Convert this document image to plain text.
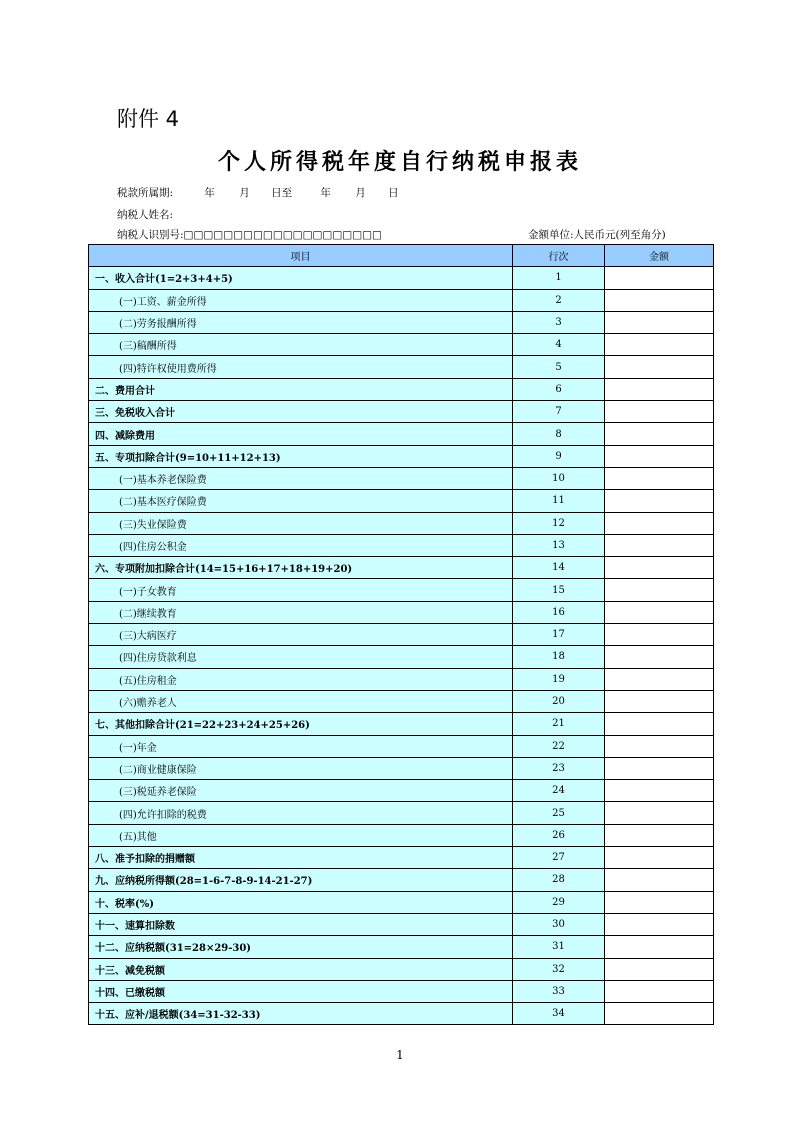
附件 4
个人所得税年度自行纳税申报表
税款所属期:	年 月 日至	年 月 日
纳税人姓名:
纳税人识别号:□□□□□□□□□□□□□□□□□□□□	金额单位:人民币元(列至角分)
项目	行次	金额
一、收入合计(1=2+3+4+5)	1	
(一)工资、薪金所得	2	
(二)劳务报酬所得	3	
(三)稿酬所得	4	
(四)特许权使用费所得	5	
二、费用合计	6	
三、免税收入合计	7	
四、减除费用	8	
五、专项扣除合计(9=10+11+12+13)	9	
(一)基本养老保险费	10	
(二)基本医疗保险费	11	
(三)失业保险费	12	
(四)住房公积金	13	
六、专项附加扣除合计(14=15+16+17+18+19+20)	14	
(一)子女教育	15	
(二)继续教育	16	
(三)大病医疗	17	
(四)住房贷款利息	18	
(五)住房租金	19	
(六)赡养老人	20	
七、其他扣除合计(21=22+23+24+25+26)	21	
(一)年金	22	
(二)商业健康保险	23	
(三)税延养老保险	24	
(四)允许扣除的税费	25	
(五)其他	26	
八、准予扣除的捐赠额	27	
九、应纳税所得额(28=1-6-7-8-9-14-21-27)	28	
十、税率(%)	29	
十一、速算扣除数	30	
十二、应纳税额(31=28×29-30)	31	
十三、减免税额	32	
十四、已缴税额	33	
十五、应补/退税额(34=31-32-33)	34	
1
